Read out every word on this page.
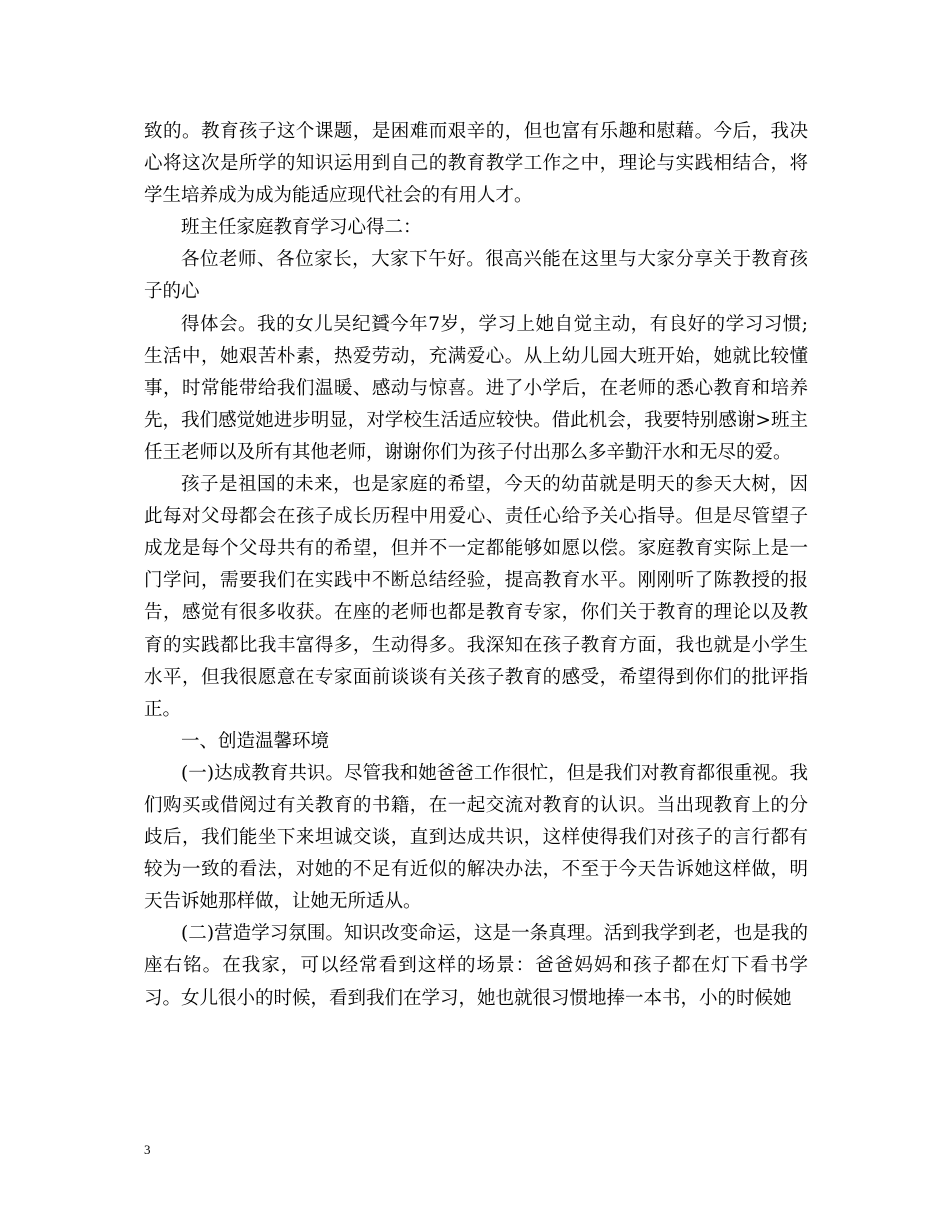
致的。教育孩子这个课题，是困难而艰辛的，但也富有乐趣和慰藉。今后，我决心将这次是所学的知识运用到自己的教育教学工作之中，理论与实践相结合，将学生培养成为成为能适应现代社会的有用人才。

班主任家庭教育学习心得二：

各位老师、各位家长，大家下午好。很高兴能在这里与大家分享关于教育孩子的心

得体会。我的女儿吴纪贇今年7岁，学习上她自觉主动，有良好的学习习惯;生活中，她艰苦朴素，热爱劳动，充满爱心。从上幼儿园大班开始，她就比较懂事，时常能带给我们温暖、感动与惊喜。进了小学后，在老师的悉心教育和培养先，我们感觉她进步明显，对学校生活适应较快。借此机会，我要特别感谢>班主任王老师以及所有其他老师，谢谢你们为孩子付出那么多辛勤汗水和无尽的爱。

孩子是祖国的未来，也是家庭的希望，今天的幼苗就是明天的参天大树，因此每对父母都会在孩子成长历程中用爱心、责任心给予关心指导。但是尽管望子成龙是每个父母共有的希望，但并不一定都能够如愿以偿。家庭教育实际上是一门学问，需要我们在实践中不断总结经验，提高教育水平。刚刚听了陈教授的报告，感觉有很多收获。在座的老师也都是教育专家，你们关于教育的理论以及教育的实践都比我丰富得多，生动得多。我深知在孩子教育方面，我也就是小学生水平，但我很愿意在专家面前谈谈有关孩子教育的感受，希望得到你们的批评指正。

一、创造温馨环境

(一)达成教育共识。尽管我和她爸爸工作很忙，但是我们对教育都很重视。我们购买或借阅过有关教育的书籍，在一起交流对教育的认识。当出现教育上的分歧后，我们能坐下来坦诚交谈，直到达成共识，这样使得我们对孩子的言行都有较为一致的看法，对她的不足有近似的解决办法，不至于今天告诉她这样做，明天告诉她那样做，让她无所适从。

(二)营造学习氛围。知识改变命运，这是一条真理。活到我学到老，也是我的座右铭。在我家，可以经常看到这样的场景：爸爸妈妈和孩子都在灯下看书学习。女儿很小的时候，看到我们在学习，她也就很习惯地捧一本书，小的时候她

3
